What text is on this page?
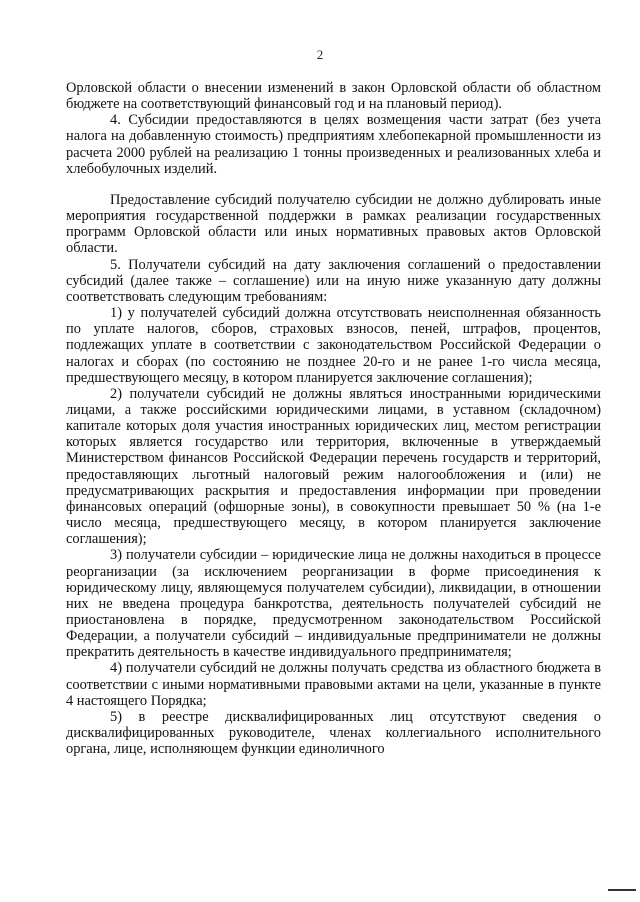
2

Орловской области о внесении изменений в закон Орловской области об областном бюджете на соответствующий финансовый год и на плановый период).

4. Субсидии предоставляются в целях возмещения части затрат (без учета налога на добавленную стоимость) предприятиям хлебопекарной промышленности из расчета 2000 рублей на реализацию 1 тонны произведенных и реализованных хлеба и хлебобулочных изделий.

Предоставление субсидий получателю субсидии не должно дублировать иные мероприятия государственной поддержки в рамках реализации государственных программ Орловской области или иных нормативных правовых актов Орловской области.

5. Получатели субсидий на дату заключения соглашений о предоставлении субсидий (далее также – соглашение) или на иную ниже указанную дату должны соответствовать следующим требованиям:

1) у получателей субсидий должна отсутствовать неисполненная обязанность по уплате налогов, сборов, страховых взносов, пеней, штрафов, процентов, подлежащих уплате в соответствии с законодательством Российской Федерации о налогах и сборах (по состоянию не позднее 20-го и не ранее 1-го числа месяца, предшествующего месяцу, в котором планируется заключение соглашения);

2) получатели субсидий не должны являться иностранными юридическими лицами, а также российскими юридическими лицами, в уставном (складочном) капитале которых доля участия иностранных юридических лиц, местом регистрации которых является государство или территория, включенные в утверждаемый Министерством финансов Российской Федерации перечень государств и территорий, предоставляющих льготный налоговый режим налогообложения и (или) не предусматривающих раскрытия и предоставления информации при проведении финансовых операций (офшорные зоны), в совокупности превышает 50 % (на 1-е число месяца, предшествующего месяцу, в котором планируется заключение соглашения);

3) получатели субсидии – юридические лица не должны находиться в процессе реорганизации (за исключением реорганизации в форме присоединения к юридическому лицу, являющемуся получателем субсидии), ликвидации, в отношении них не введена процедура банкротства, деятельность получателей субсидий не приостановлена в порядке, предусмотренном законодательством Российской Федерации, а получатели субсидий – индивидуальные предприниматели не должны прекратить деятельность в качестве индивидуального предпринимателя;

4) получатели субсидий не должны получать средства из областного бюджета в соответствии с иными нормативными правовыми актами на цели, указанные в пункте 4 настоящего Порядка;

5) в реестре дисквалифицированных лиц отсутствуют сведения о дисквалифицированных руководителе, членах коллегиального исполнительного органа, лице, исполняющем функции единоличного
